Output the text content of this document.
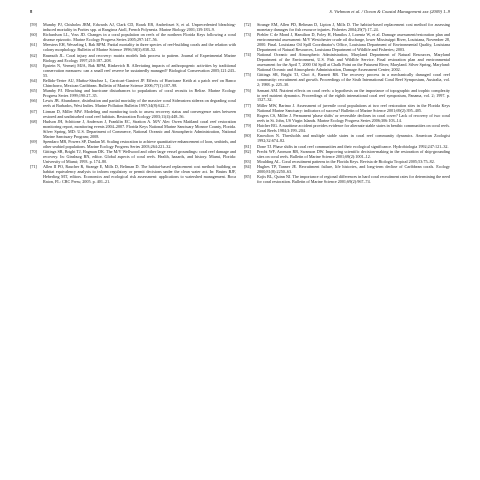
8	S. Viehman et al. / Ocean & Coastal Management xxx (2009) 1–9
[59] Mumby PJ, Chisholm JRM, Edwards AJ, Clark CD, Roark EB, Andrefouet S, et al. Unprecedented bleaching-induced mortality in Porites spp. at Rangiroa Atoll, French Polynesia. Marine Biology 2001;139:183–9.
[60] Richardson LL, Voss JD. Changes in a coral population on reefs of the northern Florida Keys following a coral disease epizootic. Marine Ecology Progress Series 2005;297:147–56.
[61] Meesters EH, Wesseling I, Bak RPM. Partial mortality in three species of reef-building corals and the relation with colony morphology. Bulletin of Marine Science 1996;58(3):838–52.
[62] Rasmuth JL. Coral injury and recovery: matrix models link process to pattern. Journal of Experimental Marine Biology and Ecology 1997;210:187–208.
[63] Epstein N, Vermeij MJA, Bak RPM, Rinkevich B. Alleviating impacts of anthropogenic activities by traditional conservation measures: can a small reef reserve be sustainedly managed? Biological Conservation 2005;121:243–55.
[64] Bellido-Tertre AU, Muñoz-Sánchez L, Carricart-Ganivet JP. Effects of Hurricane Keith at a patch reef on Banco Chinchorro, Mexican Caribbean. Bulletin of Marine Science 2006;77(1):107–98.
[65] Mumby PJ. Bleaching and hurricane disturbances to populations of coral recruits in Belize. Marine Ecology Progress Series 1999;190:27–35.
[66] Lewis JB. Abundance, distribution and partial mortality of the massive coral Siderastrea siderea on degrading coral reefs at Barbados, West Indies. Marine Pollution Bulletin 1997;34(8):622–7.
[67] Lirman D, Miller MW. Modeling and monitoring tools to assess recovery status and convergence rates between restored and undisturbed coral reef habitats. Restoration Ecology 2003;11(4):448–56.
[68] Hudson JH, Schittone J, Anderson J, Franklin EC, Stratton A. M/V Alec Owen Maitland coral reef restoration monitoring report, monitoring events 2004–2007. Florida Keys National Marine Sanctuary Monroe County, Florida. Silver Spring, MD: U.S. Department of Commerce, National Oceanic and Atmospheric Administration, National Marine Sanctuary Program; 2008.
[69] Spendaro MB, Powers SP, Dunlan M. Scaling restoration to achieve quantitative enhancement of loon, seabirds, and other seabird populations. Marine Ecology Progress Series 2003;264:221–32.
[70] Gittings SR, Bright TJ, Hagman DK. The M/V Wellwood and other large vessel groundings: coral reef damage and recovery. In: Ginsburg RN, editor. Global aspects of coral reefs. Health, hazards, and history. Miami, Florida: University of Miami; 1993. p. 174–80.
[71] Allen II PO, Raucher R, Strange E, Mills D, Beltman D. The habitat-based replacement cost method: building on habitat equivalency analysis to inform regulatory or permit decisions under the clean water act. In: Bruins RJF, Heberling MT, editors. Economics and ecological risk assessment: applications to watershed management. Boca Raton, FL: CRC Press; 2005. p. 401–21.
[72] Strange EM, Allen PD, Beltman D, Lipton J, Mills D. The habitat-based replacement cost method for assessing monetary damages for fish resource injuries. Fisheries 2004;29(7):17–24.
[73] Piehler C de Mond J, Hamilton D, Foley H, Hamilos J, Lorentz W, et al. Damage assessment/restoration plan and environmental assessment: M/V Westchester crude oil discharge, lower Mississippi River, Louisiana, November 28, 2000. Final. Louisiana Oil Spill Coordinator's Office, Louisiana Department of Environmental Quality, Louisiana Department of Natural Resources, Louisiana Department of Wildlife and Fisheries; 2003.
[74] National Oceanic and Atmospheric Administration, Maryland Department of Natural Resources, Maryland Department of the Environment, U.S. Fish and Wildlife Service. Final restoration plan and environmental assessment for the April 7, 2000 Oil Spill at Chalk Point on the Patuxent River, Maryland. Silver Spring, Maryland: National Oceanic and Atmospheric Administration, Damage Assessment Center; 2002.
[75] Gittings SR, Bright TJ, Choi A, Barnett RR. The recovery process in a mechanically damaged coral reef community: recruitment and growth. Proceedings of the Sixth International Coral Reef Symposium, Australia, vol. 2; 1988. p. 225–30.
[76] Szmant AM. Nutrient effects on coral reefs: a hypothesis on the importance of topographic and trophic complexity to reef nutrient dynamics. Proceedings of the eighth international coral reef symposium, Panama, vol. 2; 1997. p. 1527–32.
[77] Miller MW, Barimo J. Assessment of juvenile coral populations at two reef restoration sites in the Florida Keys National Marine Sanctuary: indicators of success? Bulletin of Marine Science 2001;69(2):395–405.
[78] Rogers CS, Miller J. Permanent 'phase shifts' or reversible declines in coral cover? Lack of recovery of two coral reefs in St. John, US Virgin Islands. Marine Ecology Progress Series 2006;306:103–14.
[79] Hatcher BG. A maritime accident provides evidence for alternate stable states in benthic communities on coral reefs. Coral Reefs 1984;3:199–204.
[80] Knowlton N. Thresholds and multiple stable states in coral reef community dynamics. American Zoologist 1992;32:674–82.
[81] Done TJ. Phase shifts in coral reef communities and their ecological significance. Hydrobiologia 1992;247:121–32.
[82] Precht WF, Aronson RB, Swanson DW. Improving scientific decision-making in the restoration of ship-grounding sites on coral reefs. Bulletin of Marine Science 2001;69(2):1001–12.
[83] Moulding AL. Coral recruitment patterns in the Florida Keys. Revista de Biologia Tropical 2005;53:75–82.
[84] Hughes TP, Tanner JE. Recruitment failure, life histories, and long-term decline of Caribbean corals. Ecology 2000;81(8):2250–63.
[85] Kojis BL, Quinn NJ. The importance of regional differences in hard coral recruitment rates for determining the need for coral restoration. Bulletin of Marine Science 2001;69(2):967–74.
